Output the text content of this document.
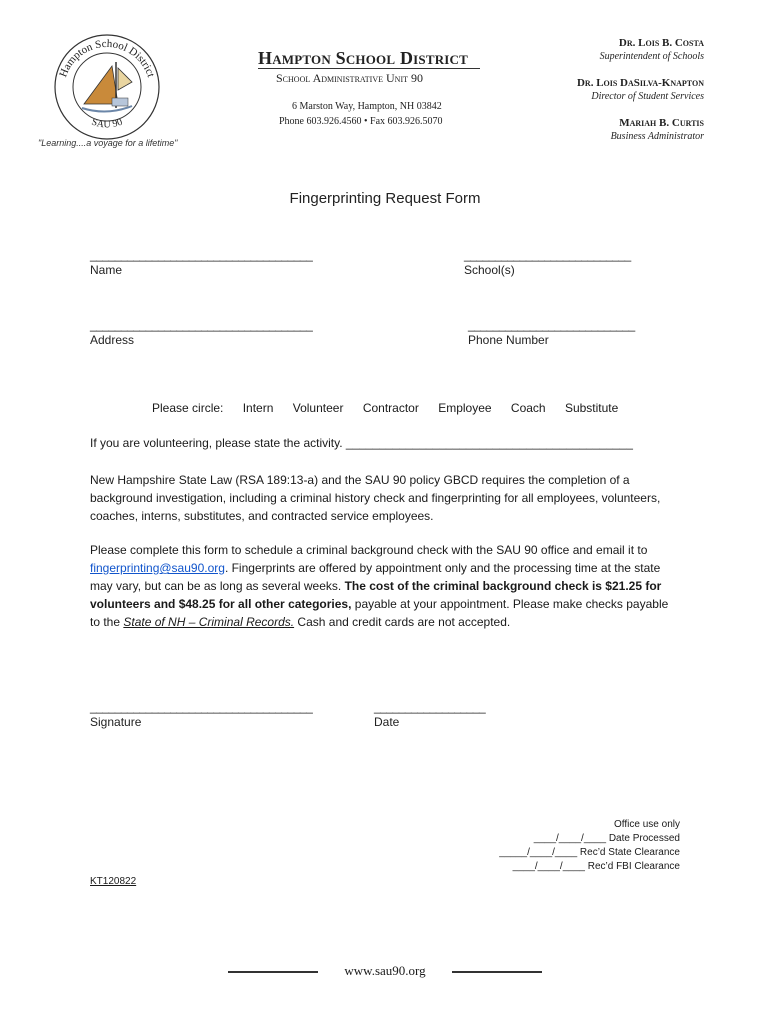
Hampton School District
SAU 90
"Learning....a voyage for a lifetime"
Hampton School District
School Administrative Unit 90
6 Marston Way, Hampton, NH 03842
Phone 603.926.4560 • Fax 603.926.5070
Dr. Lois B. Costa
Superintendent of Schools
Dr. Lois DaSilva-Knapton
Director of Student Services
Mariah B. Curtis
Business Administrator
Fingerprinting Request Form
____________________________________
Name
___________________________
School(s)
____________________________________
Address
___________________________
Phone Number
Please circle: Intern Volunteer Contractor Employee Coach Substitute
If you are volunteering, please state the activity. ___________________________________________
New Hampshire State Law (RSA 189:13-a) and the SAU 90 policy GBCD requires the completion of a background investigation, including a criminal history check and fingerprinting for all employees, volunteers, coaches, interns, substitutes, and contracted service employees.
Please complete this form to schedule a criminal background check with the SAU 90 office and email it to fingerprinting@sau90.org. Fingerprints are offered by appointment only and the processing time at the state may vary, but can be as long as several weeks. The cost of the criminal background check is $21.25 for volunteers and $48.25 for all other categories, payable at your appointment. Please make checks payable to the State of NH – Criminal Records. Cash and credit cards are not accepted.
____________________________________
Signature
__________________
Date
Office use only
____/____/____ Date Processed
_____/____/____ Rec’d State Clearance
____/____/____ Rec’d FBI Clearance
KT120822
www.sau90.org
